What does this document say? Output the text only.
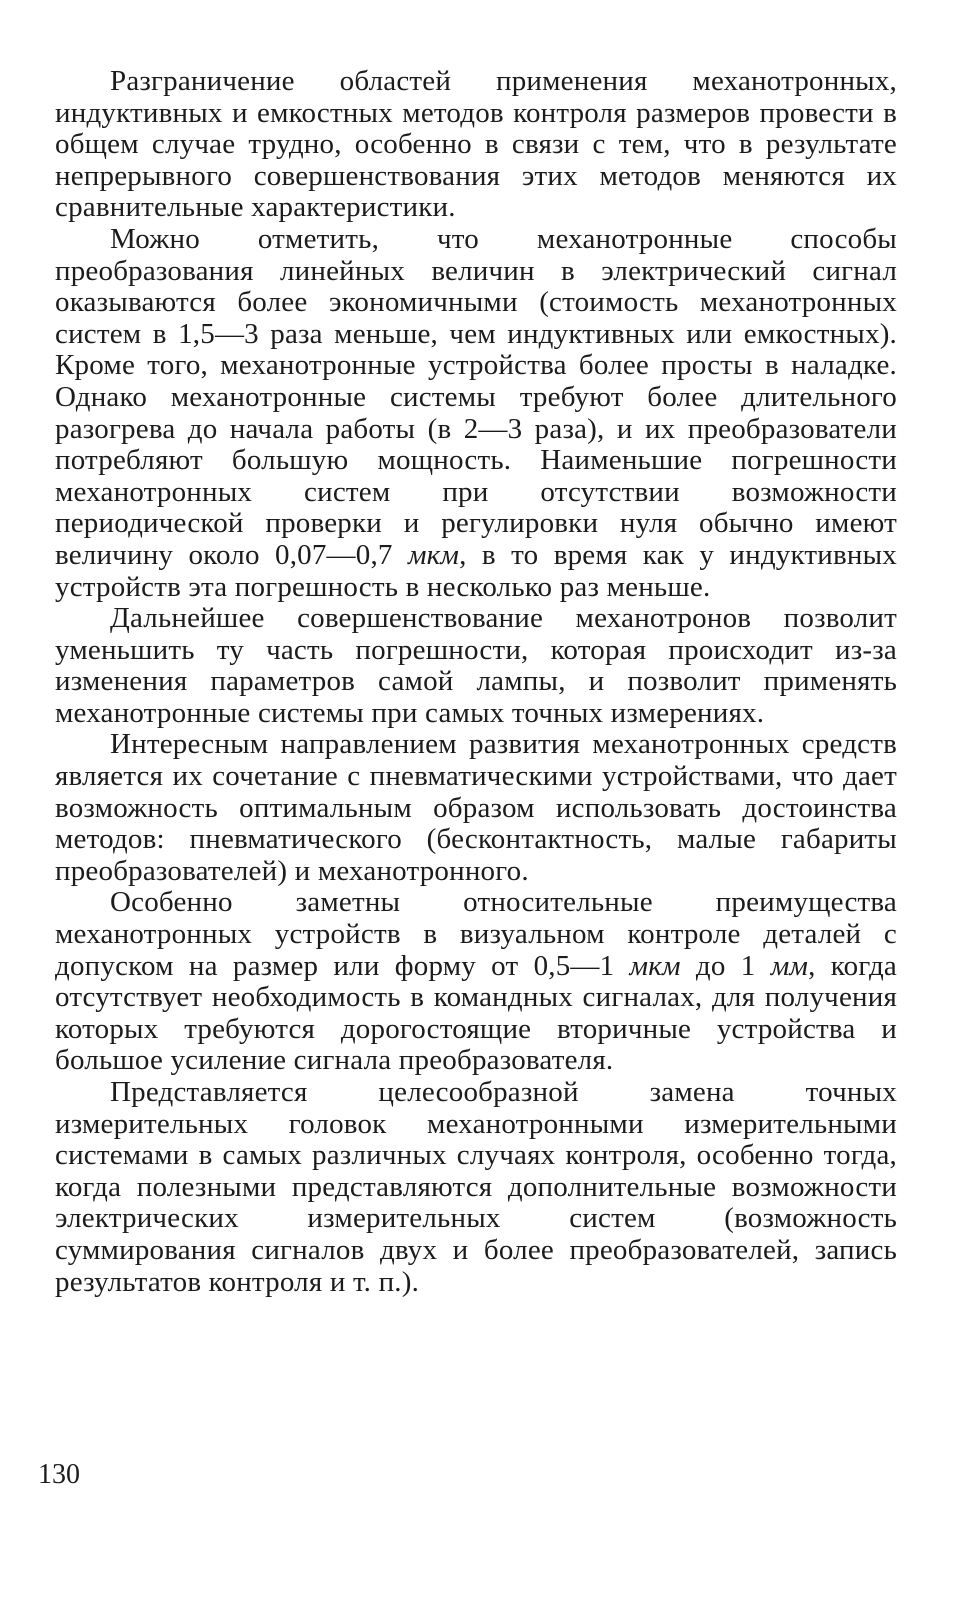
Разграничение областей применения механотронных, индуктивных и емкостных методов контроля размеров провести в общем случае трудно, особенно в связи с тем, что в результате непрерывного совершенствования этих методов меняются их сравнительные характеристики.

Можно отметить, что механотронные способы преобразования линейных величин в электрический сигнал оказываются более экономичными (стоимость механотронных систем в 1,5—3 раза меньше, чем индуктивных или емкостных). Кроме того, механотронные устройства более просты в наладке. Однако механотронные системы требуют более длительного разогрева до начала работы (в 2—3 раза), и их преобразователи потребляют большую мощность. Наименьшие погрешности механотронных систем при отсутствии возможности периодической проверки и регулировки нуля обычно имеют величину около 0,07—0,7 мкм, в то время как у индуктивных устройств эта погрешность в несколько раз меньше.

Дальнейшее совершенствование механотронов позволит уменьшить ту часть погрешности, которая происходит из-за изменения параметров самой лампы, и позволит применять механотронные системы при самых точных измерениях.

Интересным направлением развития механотронных средств является их сочетание с пневматическими устройствами, что дает возможность оптимальным образом использовать достоинства методов: пневматического (бесконтактность, малые габариты преобразователей) и механотронного.

Особенно заметны относительные преимущества механотронных устройств в визуальном контроле деталей с допуском на размер или форму от 0,5—1 мкм до 1 мм, когда отсутствует необходимость в командных сигналах, для получения которых требуются дорогостоящие вторичные устройства и большое усиление сигнала преобразователя.

Представляется целесообразной замена точных измерительных головок механотронными измерительными системами в самых различных случаях контроля, особенно тогда, когда полезными представляются дополнительные возможности электрических измерительных систем (возможность суммирования сигналов двух и более преобразователей, запись результатов контроля и т. п.).

130
